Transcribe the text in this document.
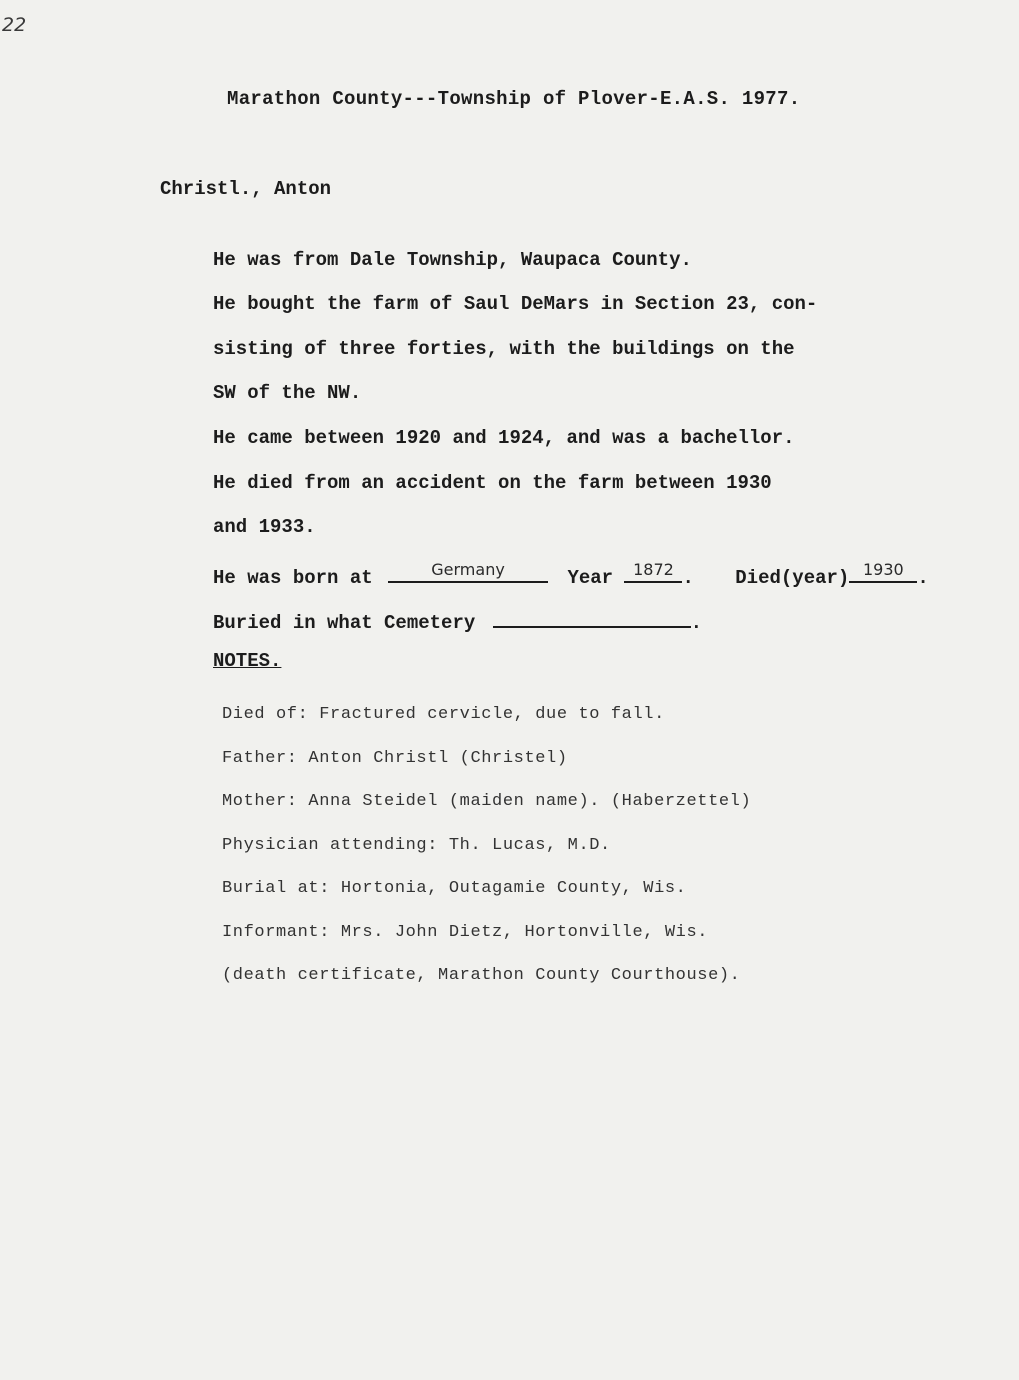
22
Marathon County---Township of Plover-E.A.S. 1977.
Christl., Anton
He was from Dale Township, Waupaca County.
He bought the farm of Saul DeMars in Section 23, con-
sisting of three forties, with the buildings on the
SW of the NW.
He came between 1920 and 1924, and was a bachellor.
He died from an accident on the farm between 1930
and 1933.
He was born at	Germany	Year	1872 . Died(year) 1930 .
Buried in what Cemetery	.
NOTES.
Died of: Fractured cervicle, due to fall.
Father: Anton Christl (Christel)
Mother: Anna Steidel (maiden name). (Haberzettel)
Physician attending: Th. Lucas, M.D.
Burial at: Hortonia, Outagamie County, Wis.
Informant: Mrs. John Dietz, Hortonville, Wis.
(death certificate, Marathon County Courthouse).
